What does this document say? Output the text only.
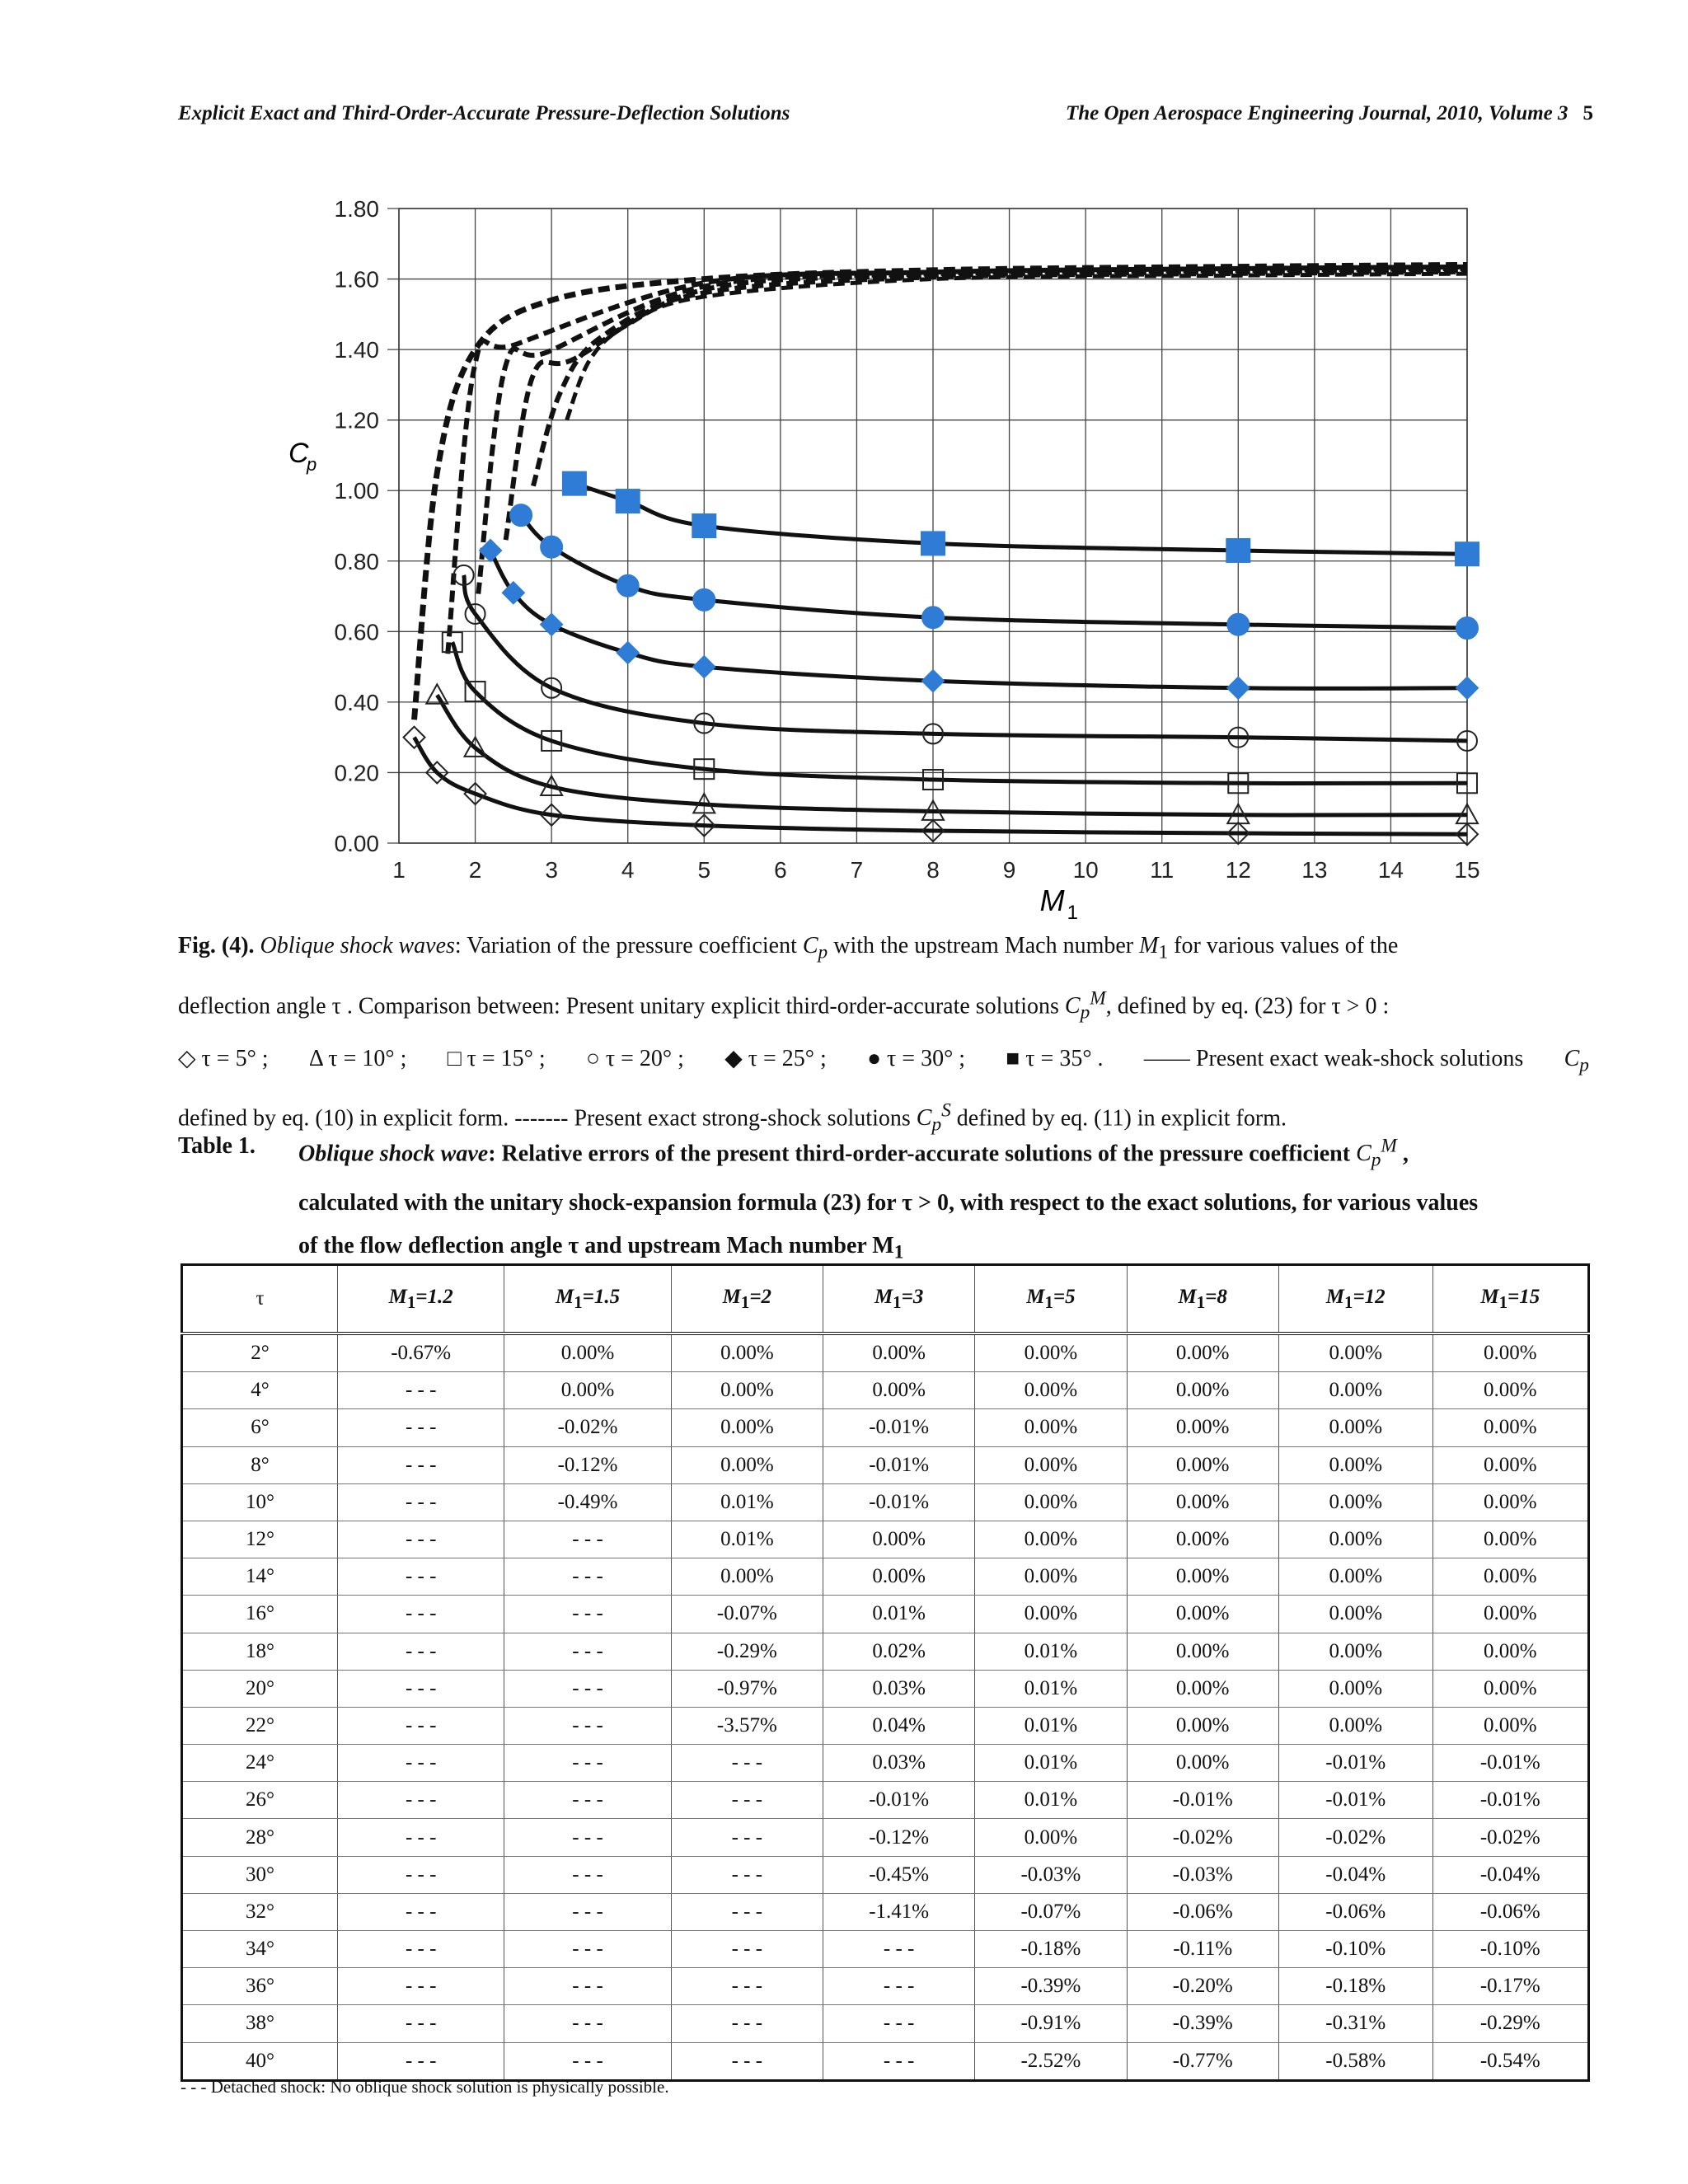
Explicit Exact and Third-Order-Accurate Pressure-Deflection Solutions	The Open Aerospace Engineering Journal, 2010, Volume 3 5
1	2	3	4	5	6	7	8	9 10 11 12 13 14 15
0.00
0.20
0.40
0.60
0.80
1.00
1.20
1.40
1.60
1.80
C
p
M 1
Fig. (4). Oblique shock waves: Variation of the pressure coefficient $C_p$ with the upstream Mach number $M_1$ for various values of the
deflection angle τ . Comparison between: Present unitary explicit third-order-accurate solutions $C_p^M$, defined by eq. (23) for τ > 0 :
◇ τ = 5° ; Δ τ = 10° ; □ τ = 15° ; ○ τ = 20° ; ◆ τ = 25° ; ● τ = 30° ; ■ τ = 35° . —— Present exact weak-shock solutions $C_p$
defined by eq. (10) in explicit form. ------- Present exact strong-shock solutions $C_p^S$ defined by eq. (11) in explicit form.
Table 1. Oblique shock wave: Relative errors of the present third-order-accurate solutions of the pressure coefficient $C_p^M$ ,
calculated with the unitary shock-expansion formula (23) for τ > 0, with respect to the exact solutions, for various values
of the flow deflection angle τ and upstream Mach number $M_1$
τ	$M_1=1.2$	$M_1=1.5$	$M_1=2$	$M_1=3$	$M_1=5$	$M_1=8$	$M_1=12$	$M_1=15$
2°	-0.67%	0.00%	0.00%	0.00%	0.00%	0.00%	0.00%	0.00%
4°	- - -	0.00%	0.00%	0.00%	0.00%	0.00%	0.00%	0.00%
6°	- - -	-0.02%	0.00%	-0.01%	0.00%	0.00%	0.00%	0.00%
8°	- - -	-0.12%	0.00%	-0.01%	0.00%	0.00%	0.00%	0.00%
10°	- - -	-0.49%	0.01%	-0.01%	0.00%	0.00%	0.00%	0.00%
12°	- - -	- - -	0.01%	0.00%	0.00%	0.00%	0.00%	0.00%
14°	- - -	- - -	0.00%	0.00%	0.00%	0.00%	0.00%	0.00%
16°	- - -	- - -	-0.07%	0.01%	0.00%	0.00%	0.00%	0.00%
18°	- - -	- - -	-0.29%	0.02%	0.01%	0.00%	0.00%	0.00%
20°	- - -	- - -	-0.97%	0.03%	0.01%	0.00%	0.00%	0.00%
22°	- - -	- - -	-3.57%	0.04%	0.01%	0.00%	0.00%	0.00%
24°	- - -	- - -	- - -	0.03%	0.01%	0.00%	-0.01%	-0.01%
26°	- - -	- - -	- - -	-0.01%	0.01%	-0.01%	-0.01%	-0.01%
28°	- - -	- - -	- - -	-0.12%	0.00%	-0.02%	-0.02%	-0.02%
30°	- - -	- - -	- - -	-0.45%	-0.03%	-0.03%	-0.04%	-0.04%
32°	- - -	- - -	- - -	-1.41%	-0.07%	-0.06%	-0.06%	-0.06%
34°	- - -	- - -	- - -	- - -	-0.18%	-0.11%	-0.10%	-0.10%
36°	- - -	- - -	- - -	- - -	-0.39%	-0.20%	-0.18%	-0.17%
38°	- - -	- - -	- - -	- - -	-0.91%	-0.39%	-0.31%	-0.29%
40°	- - -	- - -	- - -	- - -	-2.52%	-0.77%	-0.58%	-0.54%
- - - Detached shock: No oblique shock solution is physically possible.
